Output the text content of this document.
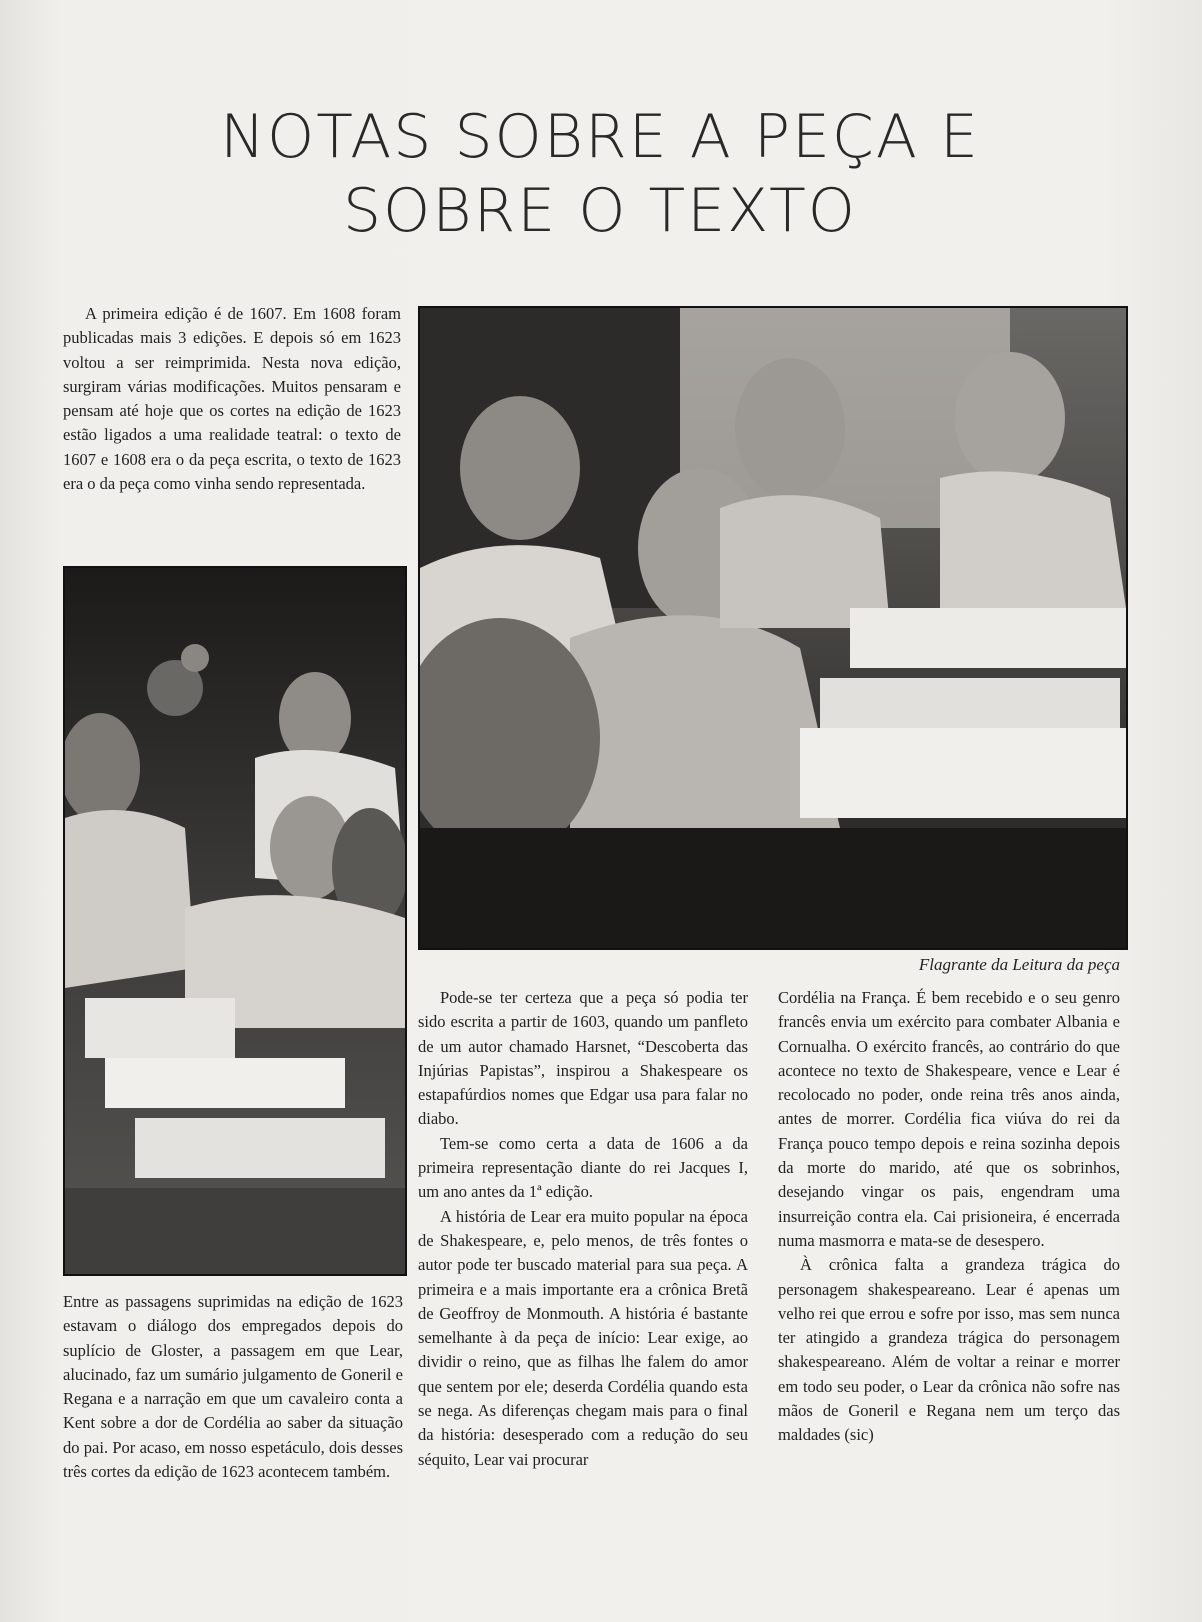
NOTAS SOBRE A PEÇA E
SOBRE O TEXTO

A primeira edição é de 1607. Em 1608 foram publicadas mais 3 edições. E depois só em 1623 voltou a ser reimprimida. Nesta nova edição, surgiram várias modificações. Muitos pensaram e pensam até hoje que os cortes na edição de 1623 estão ligados a uma realidade teatral: o texto de 1607 e 1608 era o da peça escrita, o texto de 1623 era o da peça como vinha sendo representada.

Flagrante da Leitura da peça

Entre as passagens suprimidas na edição de 1623 estavam o diálogo dos empregados depois do suplício de Gloster, a passagem em que Lear, alucinado, faz um sumário julgamento de Goneril e Regana e a narração em que um cavaleiro conta a Kent sobre a dor de Cordélia ao saber da situação do pai. Por acaso, em nosso espetáculo, dois desses três cortes da edição de 1623 acontecem também.

Pode-se ter certeza que a peça só podia ter sido escrita a partir de 1603, quando um panfleto de um autor chamado Harsnet, “Descoberta das Injúrias Papistas”, inspirou a Shakespeare os estapafúrdios nomes que Edgar usa para falar no diabo.

Tem-se como certa a data de 1606 a da primeira representação diante do rei Jacques I, um ano antes da 1ª edição.

A história de Lear era muito popular na época de Shakespeare, e, pelo menos, de três fontes o autor pode ter buscado material para sua peça. A primeira e a mais importante era a crônica Bretã de Geoffroy de Monmouth. A história é bastante semelhante à da peça de início: Lear exige, ao dividir o reino, que as filhas lhe falem do amor que sentem por ele; deserda Cordélia quando esta se nega. As diferenças chegam mais para o final da história: desesperado com a redução do seu séquito, Lear vai procurar

Cordélia na França. É bem recebido e o seu genro francês envia um exército para combater Albania e Cornualha. O exército francês, ao contrário do que acontece no texto de Shakespeare, vence e Lear é recolocado no poder, onde reina três anos ainda, antes de morrer. Cordélia fica viúva do rei da França pouco tempo depois e reina sozinha depois da morte do marido, até que os sobrinhos, desejando vingar os pais, engendram uma insurreição contra ela. Cai prisioneira, é encerrada numa masmorra e mata-se de desespero.

À crônica falta a grandeza trágica do personagem shakespeareano. Lear é apenas um velho rei que errou e sofre por isso, mas sem nunca ter atingido a grandeza trágica do personagem shakespeareano. Além de voltar a reinar e morrer em todo seu poder, o Lear da crônica não sofre nas mãos de Goneril e Regana nem um terço das maldades (sic)
